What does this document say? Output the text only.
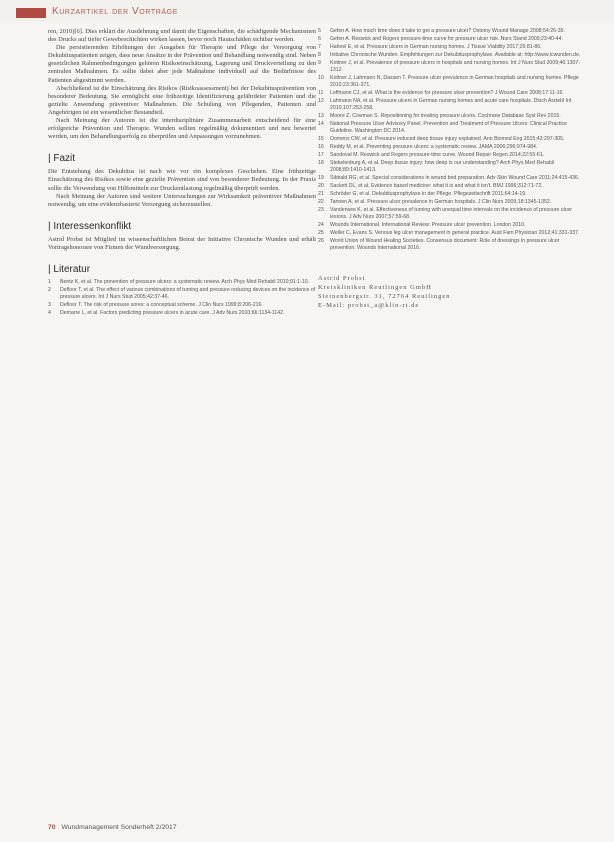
Kurzartikel der Vorträge

ren, 2010)[6]. Dies erklärt die Ausdehnung und damit die Eigenschaften, die schädigende Mechanismen des Drucks auf tiefer Gewebeschichten wirken lassen, bevor noch Hautschäden sichtbar werden.

Die persistierenden Erhöhungen der Ausgaben für Therapie und Pflege der Versorgung von Dekubituspatienten zeigen, dass neue Ansätze in der Prävention und Behandlung notwendig sind. Neben gesetzlichen Rahmenbedingungen gehören Risikoeinschätzung, Lagerung und Druckverteilung zu den zentralen Maßnahmen. Es sollte dabei aber jede Maßnahme individuell auf die Bedürfnisse des Patienten abgestimmt werden.

Abschließend ist die Einschätzung des Risikos (Risikoassessment) bei der Dekubitusprävention von besonderer Bedeutung. Sie ermöglicht eine frühzeitige Identifizierung gefährdeter Patienten und die gezielte Anwendung präventiver Maßnahmen. Die Schulung von Pflegenden, Patienten und Angehörigen ist ein wesentlicher Bestandteil.

Nach Meinung der Autoren ist die interdisziplinäre Zusammenarbeit entscheidend für eine erfolgreiche Prävention und Therapie. Wunden sollten regelmäßig dokumentiert und neu bewertet werden, um den Behandlungserfolg zu überprüfen und Anpassungen vorzunehmen.

| Fazit

Die Entstehung des Dekubitus ist nach wie vor ein komplexes Geschehen. Eine frühzeitige Einschätzung des Risikos sowie eine gezielte Prävention sind von besonderer Bedeutung. In der Praxis sollte die Verwendung von Hilfsmitteln zur Druckentlastung regelmäßig überprüft werden.

Nach Meinung der Autoren sind weitere Untersuchungen zur Wirksamkeit präventiver Maßnahmen notwendig, um eine evidenzbasierte Versorgung sicherzustellen.

| Interessenkonflikt

Astrid Probst ist Mitglied im wissenschaftlichen Beirat der Initiative Chronische Wunden und erhält Vortragshonorare von Firmen der Wundversorgung.

| Literatur
1	Bentz K, et al. The prevention of pressure ulcers: a systematic review. Arch Phys Med Rehabil 2010;91:1-10.
2	Defloor T, et al. The effect of various combinations of turning and pressure reducing devices on the incidence of pressure ulcers. Int J Nurs Stud 2005;42:37-46.
3	Defloor T. The risk of pressure sores: a conceptual scheme. J Clin Nurs 1999;8:206-216.
4	Demarre L, et al. Factors predicting pressure ulcers in acute care. J Adv Nurs 2010;66:1134-1142.
5	Gefen A. How much time does it take to get a pressure ulcer? Ostomy Wound Manage 2008;54:26-35.
6	Gefen A. Reswick and Rogers pressure-time curve for pressure ulcer risk. Nurs Stand 2009;23:40-44.
7	Hahnel E, et al. Pressure ulcers in German nursing homes. J Tissue Viability 2017;26:81-86.
8	Initiative Chronische Wunden. Empfehlungen zur Dekubitusprophylaxe. Available at: http://www.icwunden.de.
9	Kottner J, et al. Prevalence of pressure ulcers in hospitals and nursing homes. Int J Nurs Stud 2009;46:1307-1312.
10	Kottner J, Lahmann N, Dassen T. Pressure ulcer prevalence in German hospitals and nursing homes. Pflege 2010;23:361-371.
11	Leffmann CJ, et al. What is the evidence for pressure ulcer prevention? J Wound Care 2008;17:11-16.
12	Lahmann NA, et al. Pressure ulcers in German nursing homes and acute care hospitals. Dtsch Arztebl Int 2010;107:253-258.
13	Moore Z, Cowman S. Repositioning for treating pressure ulcers. Cochrane Database Syst Rev 2015.
14	National Pressure Ulcer Advisory Panel. Prevention and Treatment of Pressure Ulcers: Clinical Practice Guideline. Washington DC 2014.
15	Oomens CW, et al. Pressure induced deep tissue injury explained. Ann Biomed Eng 2015;43:297-305.
16	Reddy M, et al. Preventing pressure ulcers: a systematic review. JAMA 2006;296:974-984.
17	Sandoval M. Reswick and Rogers pressure-time curve. Wound Repair Regen 2014;22:55-61.
18	Stekelenburg A, et al. Deep tissue injury: how deep is our understanding? Arch Phys Med Rehabil 2008;89:1410-1413.
19	Sibbald RG, et al. Special considerations in wound bed preparation. Adv Skin Wound Care 2011;24:415-436.
20	Sackett DL, et al. Evidence based medicine: what it is and what it isn't. BMJ 1996;312:71-72.
21	Schröder G, et al. Dekubitusprophylaxe in der Pflege. Pflegezeitschrift 2011;64:14-19.
22	Tannen A, et al. Pressure ulcer prevalence in German hospitals. J Clin Nurs 2009;18:1345-1352.
23	Vanderwee K, et al. Effectiveness of turning with unequal time intervals on the incidence of pressure ulcer lesions. J Adv Nurs 2007;57:59-68.
24	Wounds International. International Review: Pressure ulcer prevention. London 2010.
25	Weller C, Evans S. Venous leg ulcer management in general practice. Aust Fam Physician 2012;41:331-337.
26	World Union of Wound Healing Societies. Consensus document: Role of dressings in pressure ulcer prevention. Wounds International 2016.
Astrid Probst
Kreiskliniken Reutlingen GmbH
Steinenbergstr. 31, 72764 Reutlingen
E-Mail: probst_a@klin-rt.de
70 Wundmanagement Sonderheft 2/2017
